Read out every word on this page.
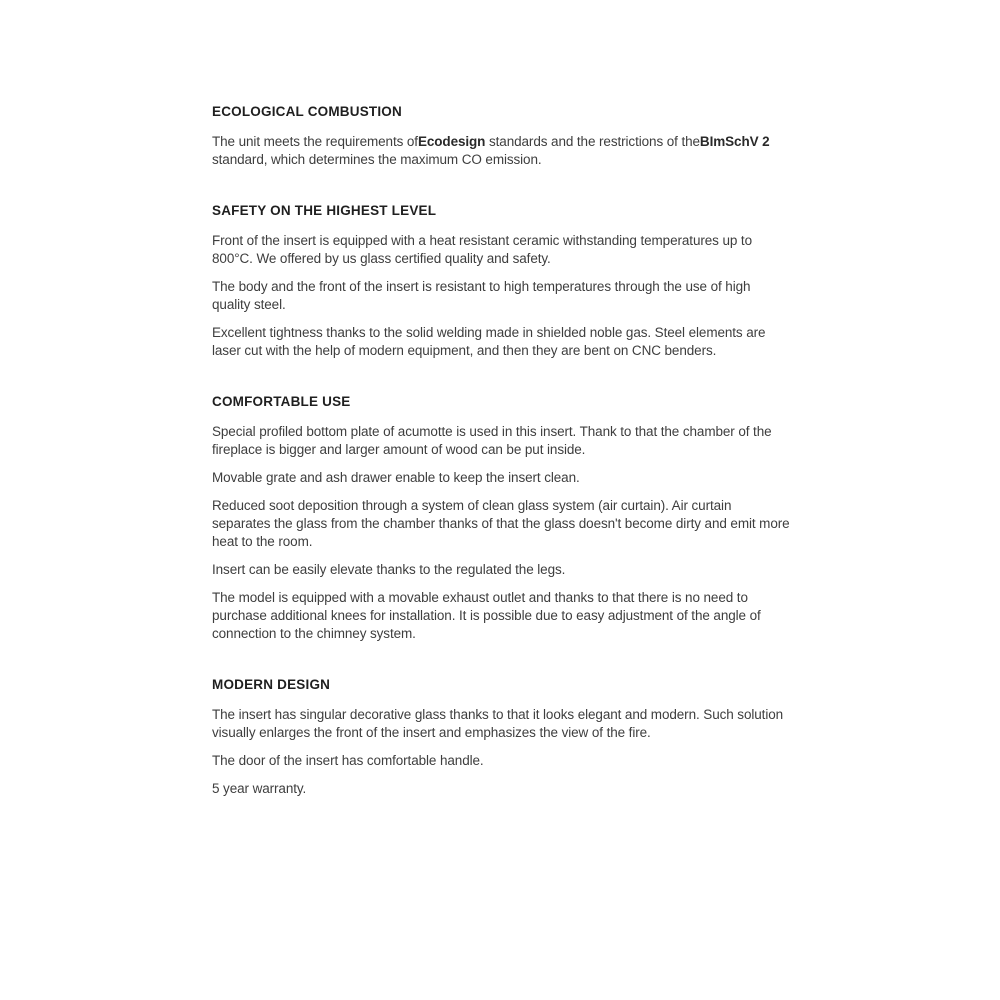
ECOLOGICAL COMBUSTION

The unit meets the requirements ofEcodesign standards and the restrictions of theBImSchV 2 standard, which determines the maximum CO emission.

SAFETY ON THE HIGHEST LEVEL

Front of the insert is equipped with a heat resistant ceramic withstanding temperatures up to 800°C. We offered by us glass certified quality and safety.

The body and the front of the insert is resistant to high temperatures through the use of high quality steel.

Excellent tightness thanks to the solid welding made in shielded noble gas. Steel elements are laser cut with the help of modern equipment, and then they are bent on CNC benders.

COMFORTABLE USE

Special profiled bottom plate of acumotte is used in this insert. Thank to that the chamber of the fireplace is bigger and larger amount of wood can be put inside.

Movable grate and ash drawer enable to keep the insert clean.

Reduced soot deposition through a system of clean glass system (air curtain). Air curtain separates the glass from the chamber thanks of that the glass doesn't become dirty and emit more heat to the room.

Insert can be easily elevate thanks to the regulated the legs.

The model is equipped with a movable exhaust outlet and thanks to that there is no need to purchase additional knees for installation. It is possible due to easy adjustment of the angle of connection to the chimney system.

MODERN DESIGN

The insert has singular decorative glass thanks to that it looks elegant and modern. Such solution visually enlarges the front of the insert and emphasizes the view of the fire.

The door of the insert has comfortable handle.

5 year warranty.
